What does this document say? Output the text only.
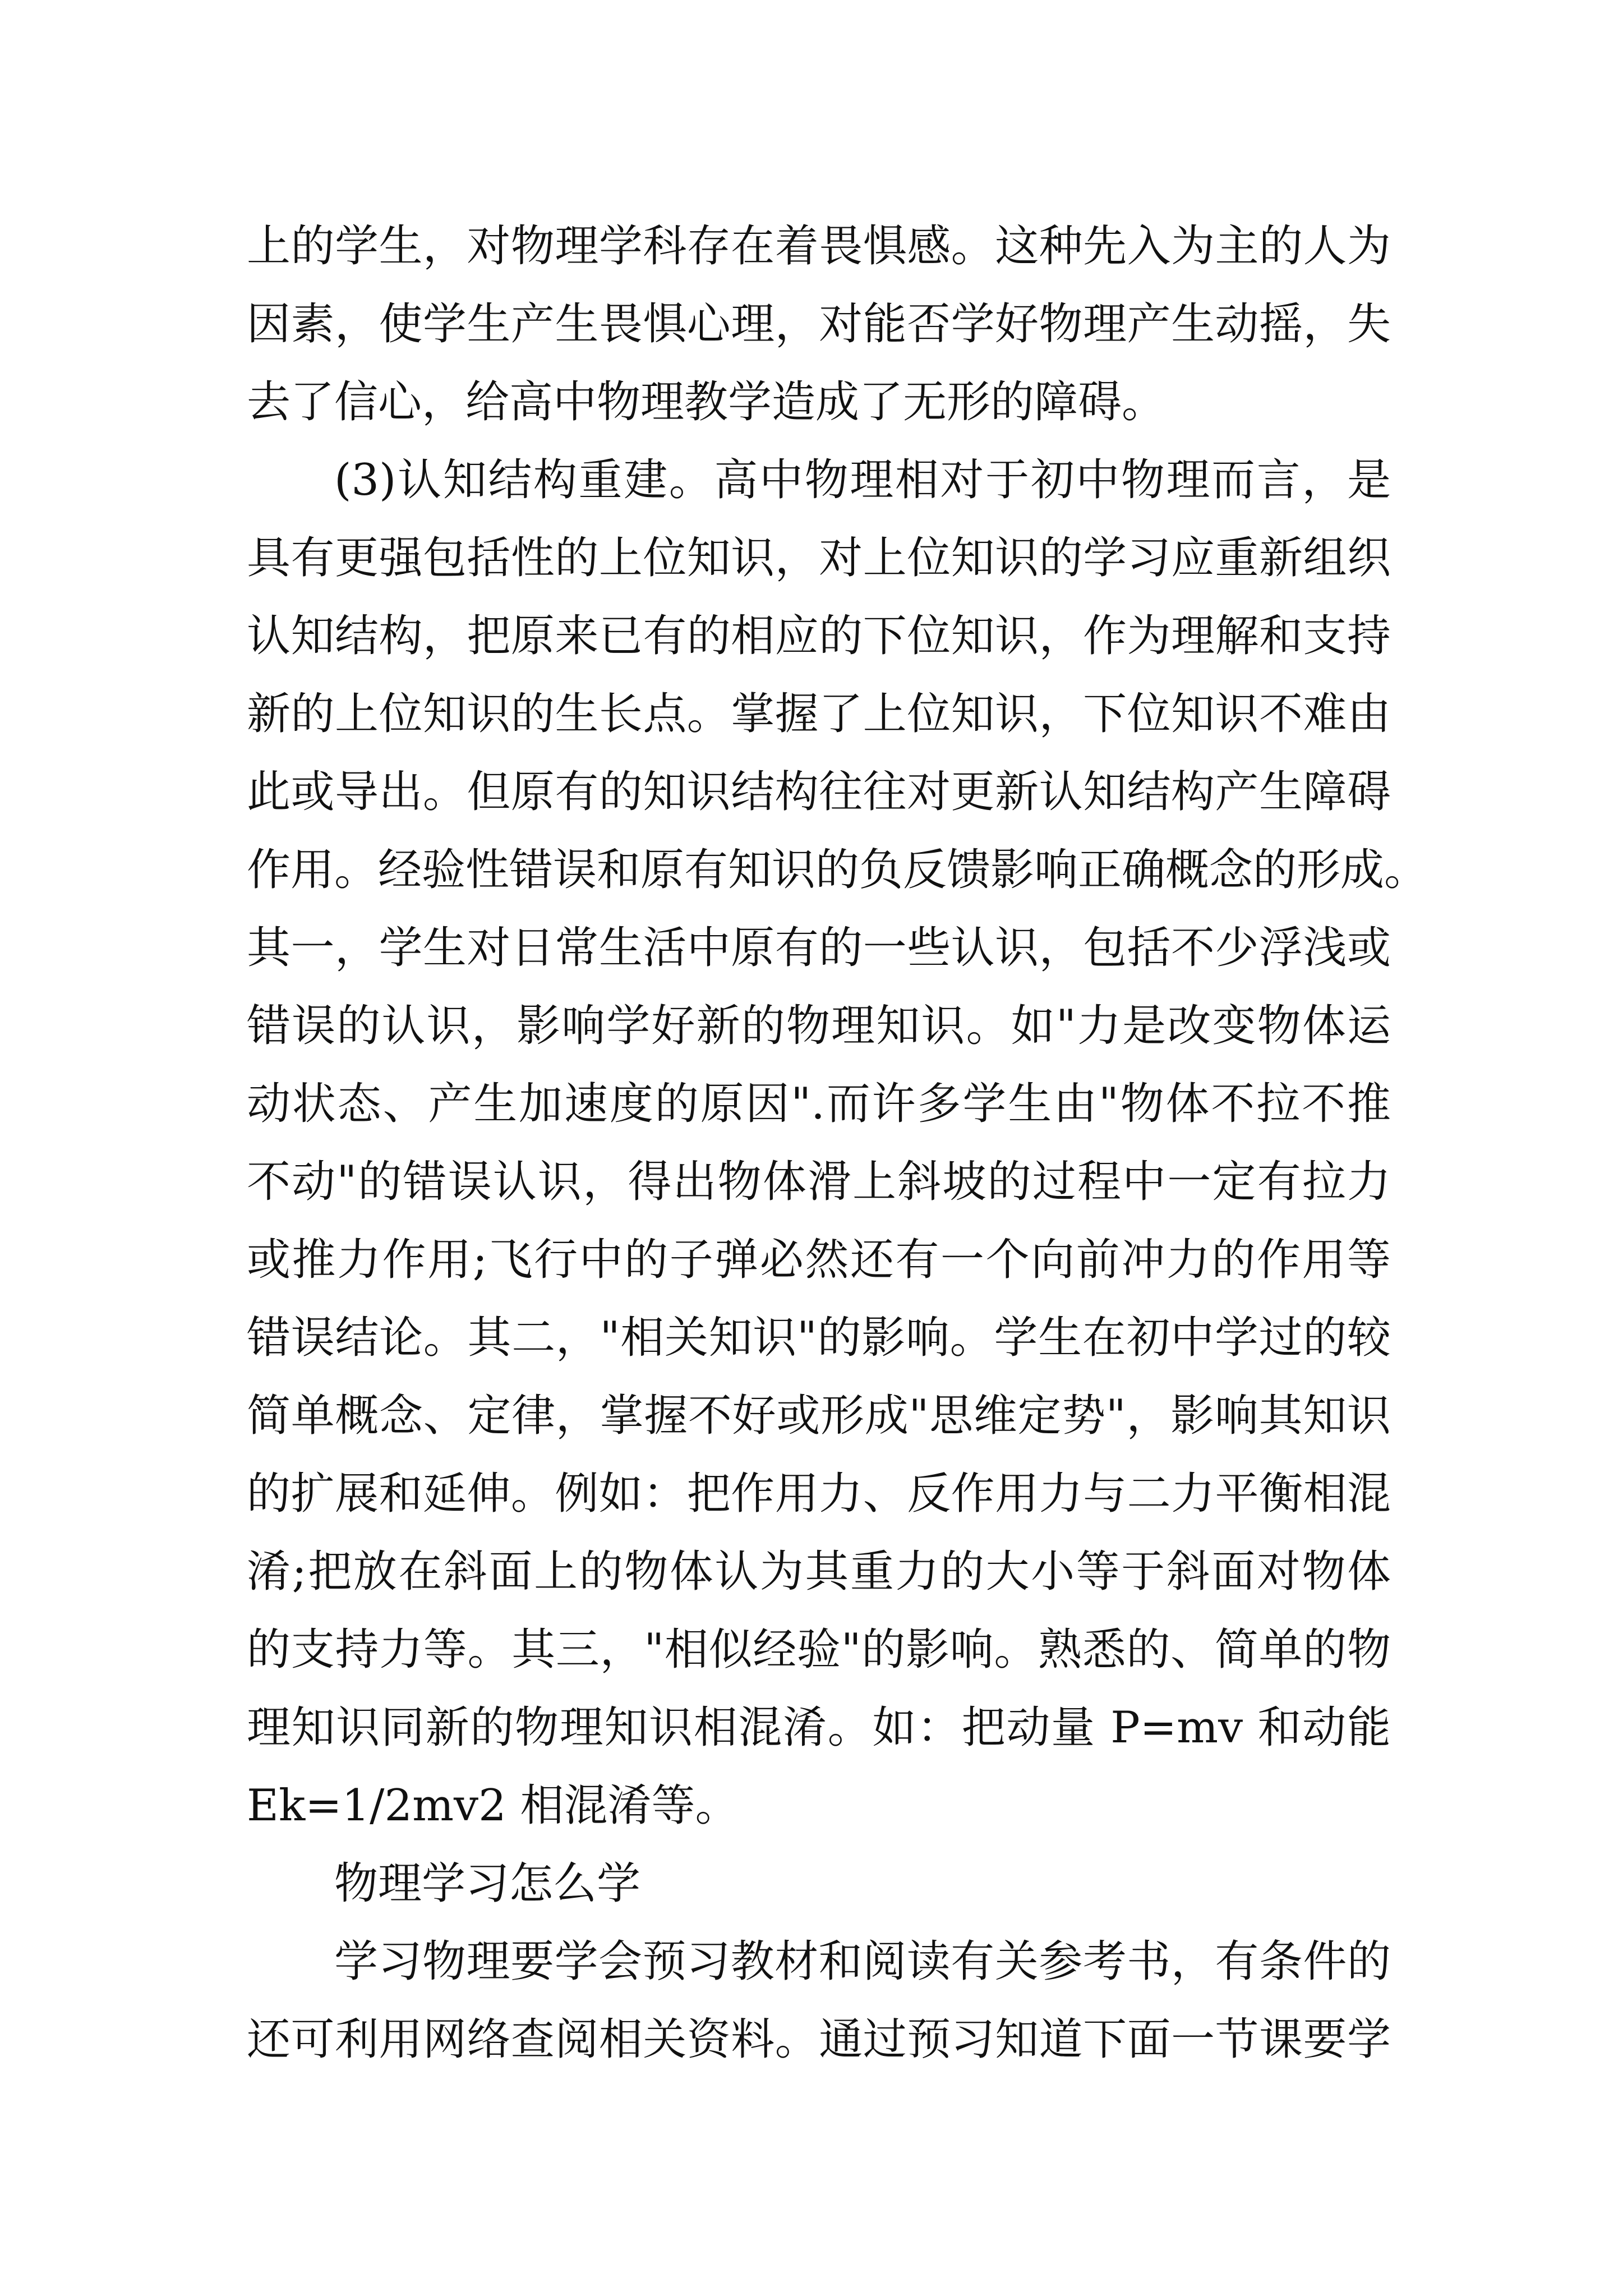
上的学生，对物理学科存在着畏惧感。这种先入为主的人为
因素，使学生产生畏惧心理，对能否学好物理产生动摇，失
去了信心，给高中物理教学造成了无形的障碍。
(3)认知结构重建。高中物理相对于初中物理而言，是
具有更强包括性的上位知识，对上位知识的学习应重新组织
认知结构，把原来已有的相应的下位知识，作为理解和支持
新的上位知识的生长点。掌握了上位知识，下位知识不难由
此或导出。但原有的知识结构往往对更新认知结构产生障碍
作用。经验性错误和原有知识的负反馈影响正确概念的形成。
其一，学生对日常生活中原有的一些认识，包括不少浮浅或
错误的认识，影响学好新的物理知识。如"力是改变物体运
动状态、产生加速度的原因".而许多学生由"物体不拉不推
不动"的错误认识，得出物体滑上斜坡的过程中一定有拉力
或推力作用;飞行中的子弹必然还有一个向前冲力的作用等
错误结论。其二，"相关知识"的影响。学生在初中学过的较
简单概念、定律，掌握不好或形成"思维定势"，影响其知识
的扩展和延伸。例如：把作用力、反作用力与二力平衡相混
淆;把放在斜面上的物体认为其重力的大小等于斜面对物体
的支持力等。其三，"相似经验"的影响。熟悉的、简单的物
理知识同新的物理知识相混淆。如：把动量 P=mv 和动能
Ek=1/2mv2 相混淆等。
物理学习怎么学
学习物理要学会预习教材和阅读有关参考书，有条件的
还可利用网络查阅相关资料。通过预习知道下面一节课要学
